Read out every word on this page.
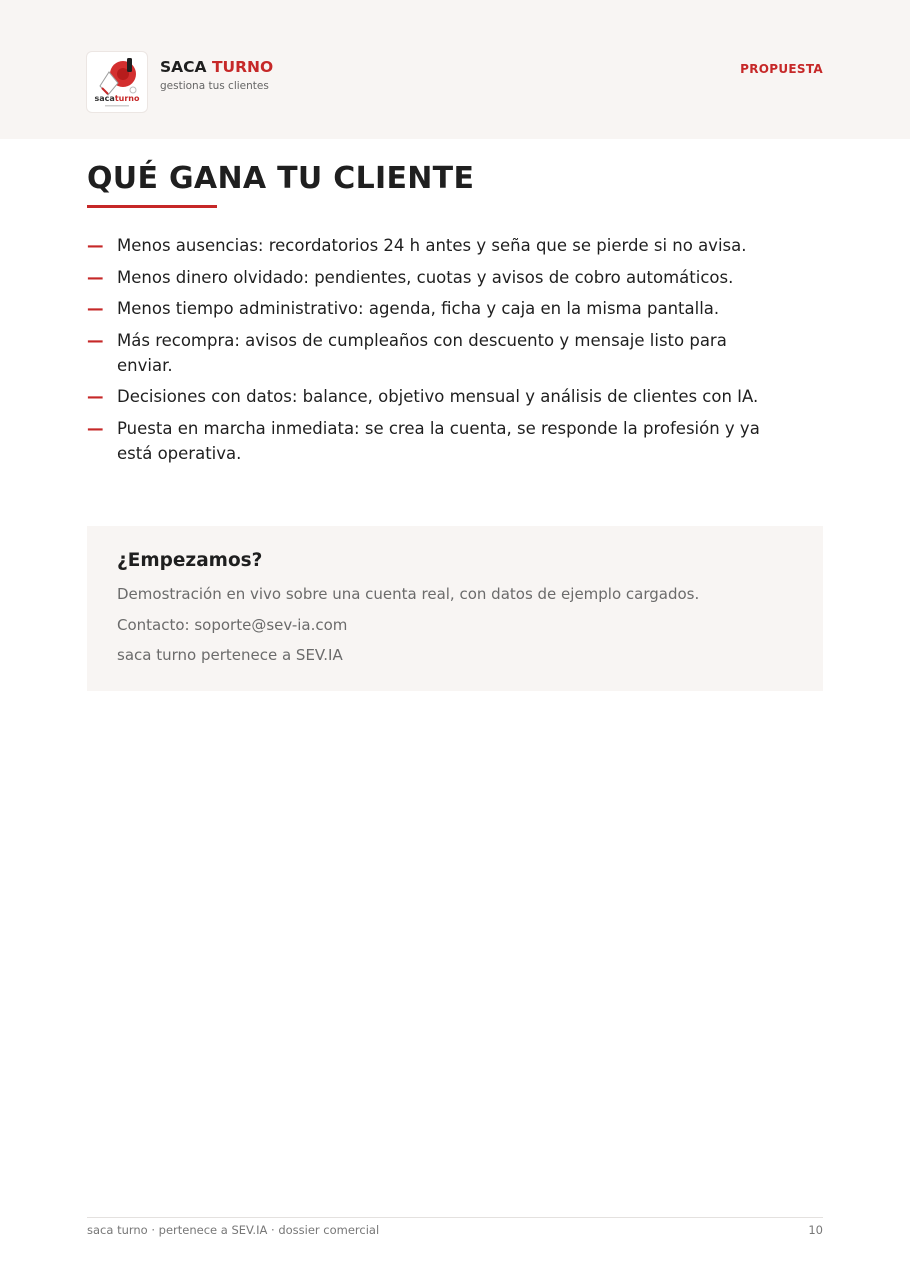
sacaturno
SACA TURNO
gestiona tus clientes
PROPUESTA
QUÉ GANA TU CLIENTE
— Menos ausencias: recordatorios 24 h antes y seña que se pierde si no avisa.
— Menos dinero olvidado: pendientes, cuotas y avisos de cobro automáticos.
— Menos tiempo administrativo: agenda, ficha y caja en la misma pantalla.
— Más recompra: avisos de cumpleaños con descuento y mensaje listo para enviar.
— Decisiones con datos: balance, objetivo mensual y análisis de clientes con IA.
— Puesta en marcha inmediata: se crea la cuenta, se responde la profesión y ya está operativa.
¿Empezamos?

Demostración en vivo sobre una cuenta real, con datos de ejemplo cargados.

Contacto: soporte@sev-ia.com

saca turno pertenece a SEV.IA

saca turno · pertenece a SEV.IA · dossier comercial	10
